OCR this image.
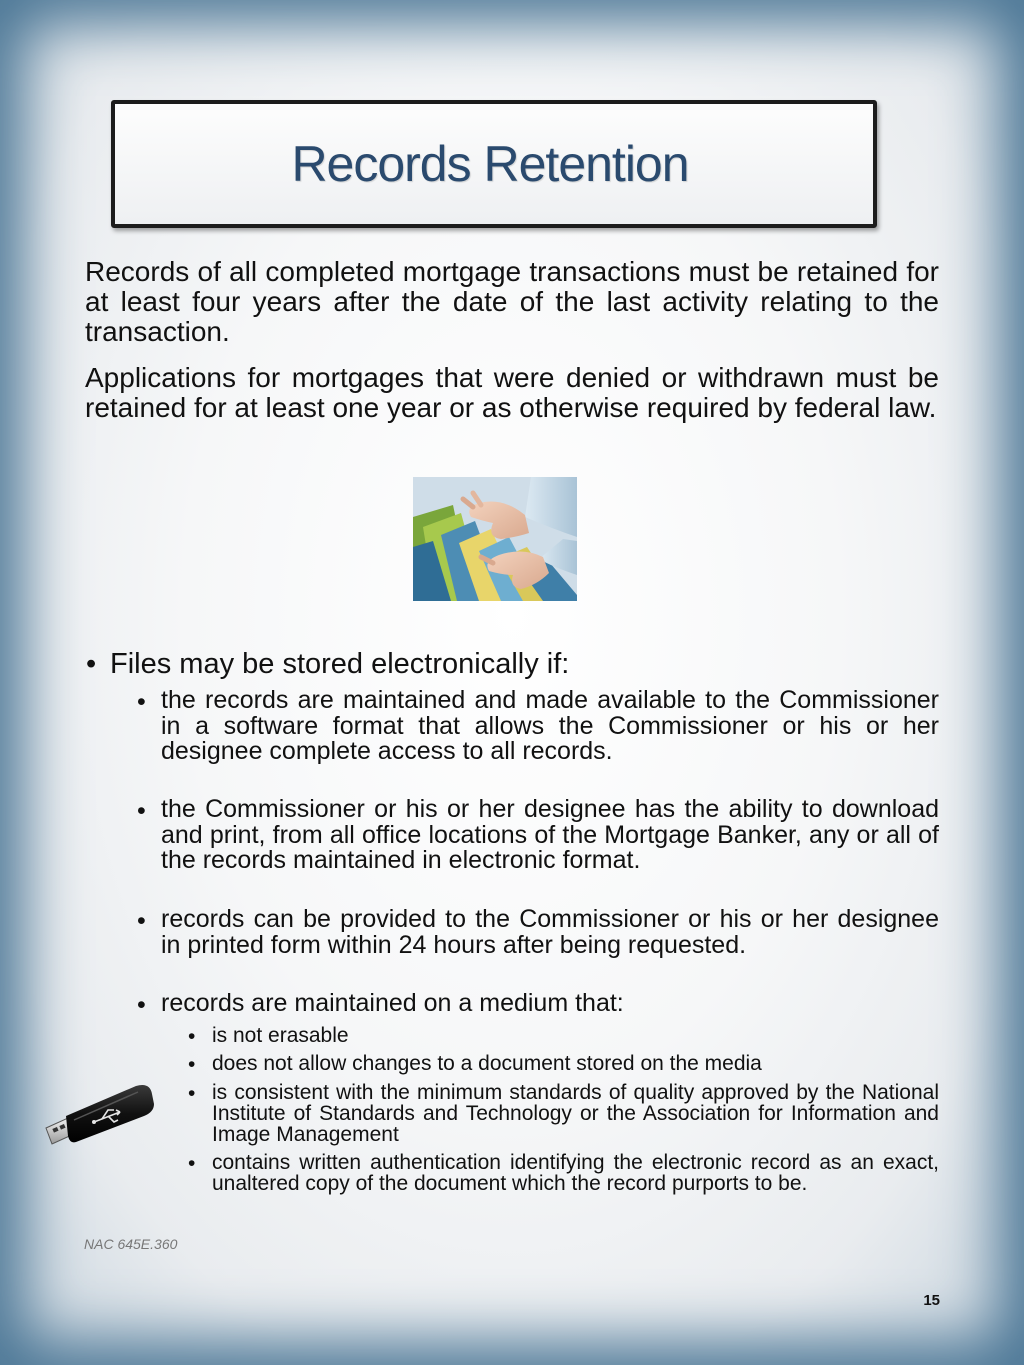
Records Retention
Records of all completed mortgage transactions must be retained for at least four years after the date of the last activity relating to the transaction.
Applications for mortgages that were denied or withdrawn must be retained for at least one year or as otherwise required by federal law.
• Files may be stored electronically if:
• the records are maintained and made available to the Commissioner in a software format that allows the Commissioner or his or her designee complete access to all records.
• the Commissioner or his or her designee has the ability to download and print, from all office locations of the Mortgage Banker, any or all of the records maintained in electronic format.
• records can be provided to the Commissioner or his or her designee in printed form within 24 hours after being requested.
• records are maintained on a medium that:
• is not erasable
• does not allow changes to a document stored on the media
• is consistent with the minimum standards of quality approved by the National Institute of Standards and Technology or the Association for Information and Image Management
• contains written authentication identifying the electronic record as an exact, unaltered copy of the document which the record purports to be.
NAC 645E.360
15
